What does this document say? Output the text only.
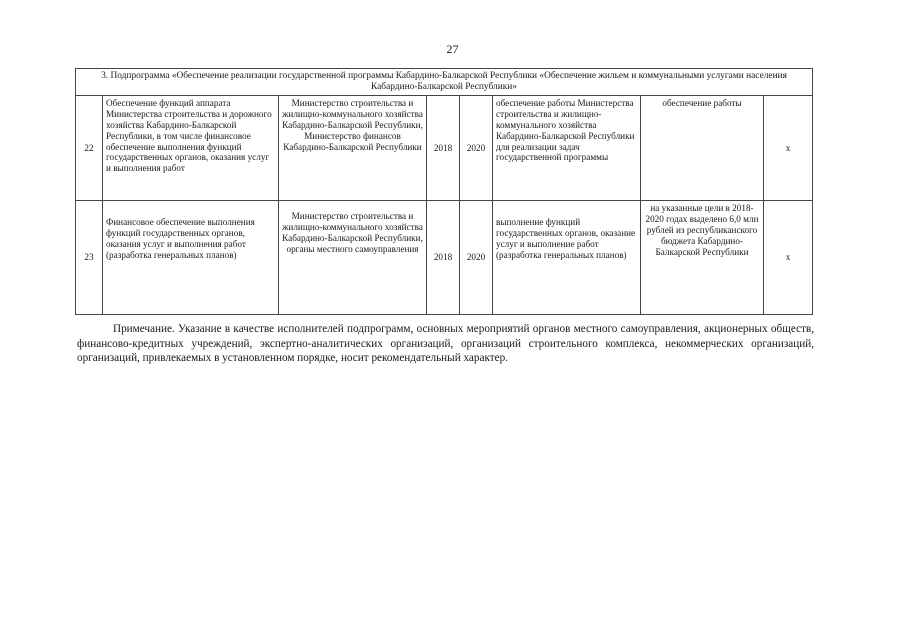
27
3. Подпрограмма «Обеспечение реализации государственной программы Кабардино-Балкарской Республики «Обеспечение жильем и коммунальными услугами населения Кабардино-Балкарской Республики»							
22	Обеспечение функций аппарата Министерства строительства и дорожного хозяйства Кабардино-Балкарской Республики, в том числе финансовое обеспечение выполнения функций государственных органов, оказания услуг и выполнения работ	Министерство строительства и жилищно-коммунального хозяйства Кабардино-Балкарской Республики, Министерство финансов Кабардино-Балкарской Республики	2018	2020	обеспечение работы Министерства строительства и жилищно-коммунального хозяйства Кабардино-Балкарской Республики для реализации задач государственной программы	обеспечение работы	х
23	Финансовое обеспечение выполнения функций государственных органов, оказания услуг и выполнения работ (разработка генеральных планов)	Министерство строительства и жилищно-коммунального хозяйства Кабардино-Балкарской Республики, органы местного самоуправления	2018	2020	выполнение функций государственных органов, оказание услуг и выполнение работ (разработка генеральных планов)	на указанные цели в 2018-2020 годах выделено 6,0 млн рублей из республиканского бюджета Кабардино-Балкарской Республики	х
Примечание. Указание в качестве исполнителей подпрограмм, основных мероприятий органов местного самоуправления, акционерных обществ, финансово-кредитных учреждений, экспертно-аналитических организаций, организаций строительного комплекса, некоммерческих организаций, организаций, привлекаемых в установленном порядке, носит рекомендательный характер.
